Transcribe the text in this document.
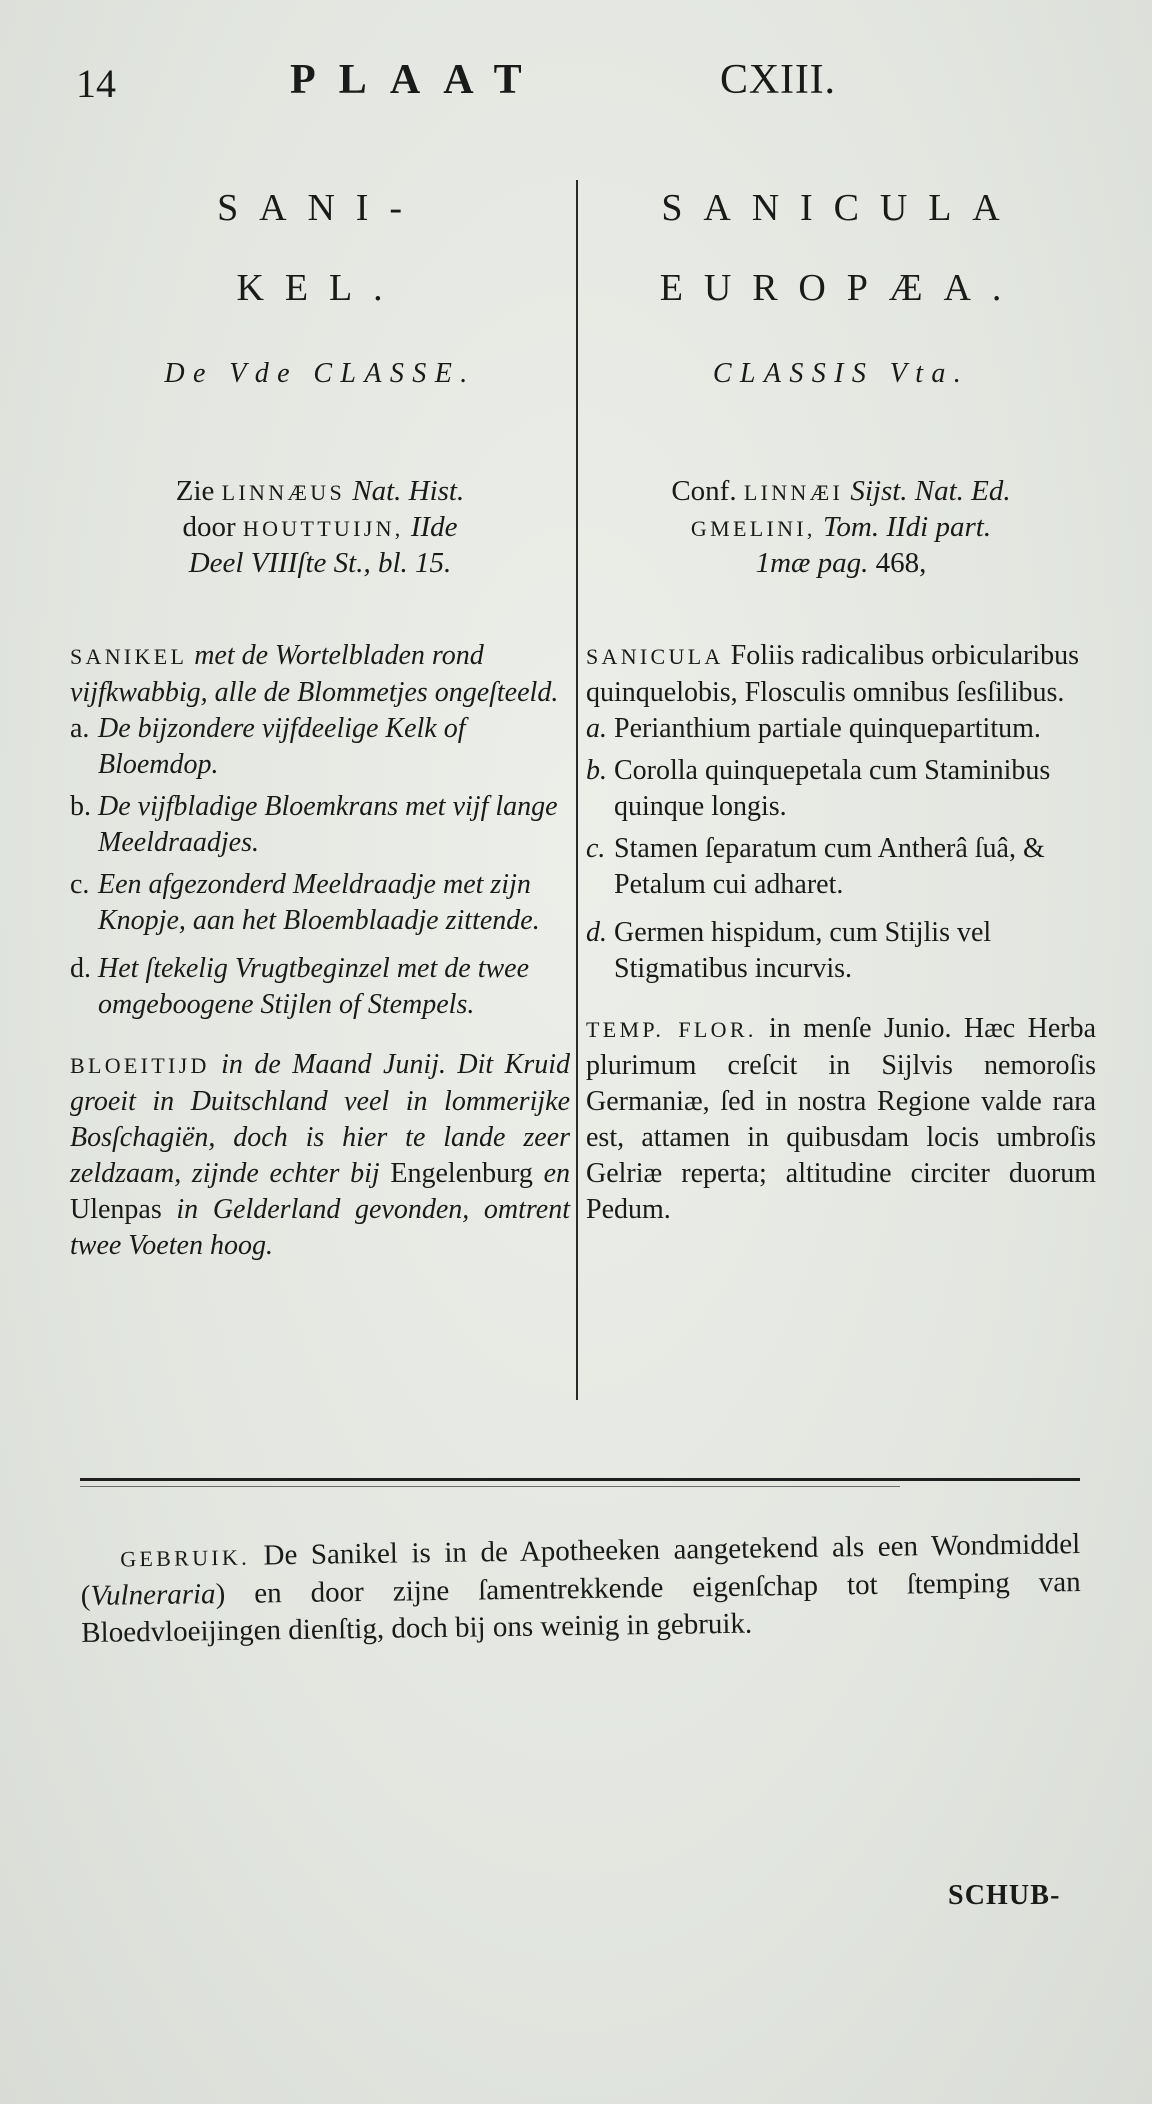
14	PLAAT	CXIII.
SANI-
KEL.
De Vde CLASSE.
Zie LINNÆUS Nat. Hist.
door HOUTTUIJN, IIde
Deel VIIIſte St., bl. 15.
SANIKEL met de Wortelbladen rond vijfkwabbig, alle de Blommetjes ongeſteeld.
a. De bijzondere vijfdeelige Kelk of Bloemdop.
b. De vijfbladige Bloemkrans met vijf lange Meeldraadjes.
c. Een afgezonderd Meeldraadje met zijn Knopje, aan het Bloemblaadje zittende.
d. Het ſtekelig Vrugtbeginzel met de twee omgeboogene Stijlen of Stempels.
BLOEITIJD in de Maand Junij. Dit Kruid groeit in Duitschland veel in lommerijke Bosſchagiën, doch is hier te lande zeer zeldzaam, zijnde echter bij Engelenburg en Ulenpas in Gelderland gevonden, omtrent twee Voeten hoog.
SANICULA
EUROPÆA.
CLASSIS Vta.
Conf. LINNÆI Sijst. Nat. Ed.
GMELINI, Tom. IIdi part.
1mæ pag. 468,
SANICULA Foliis radicalibus orbicularibus quinquelobis, Flosculis omnibus ſesſilibus.
a. Perianthium partiale quinquepartitum.
b. Corolla quinquepetala cum Staminibus quinque longis.
c. Stamen ſeparatum cum Antherâ ſuâ, & Petalum cui adharet.
d. Germen hispidum, cum Stijlis vel Stigmatibus incurvis.
TEMP. FLOR. in menſe Junio. Hæc Herba plurimum creſcit in Sijlvis nemoroſis Germaniæ, ſed in nostra Regione valde rara est, attamen in quibusdam locis umbroſis Gelriæ reperta; altitudine circiter duorum Pedum.
GEBRUIK. De Sanikel is in de Apotheeken aangetekend als een Wondmiddel (Vulneraria) en door zijne ſamentrekkende eigenſchap tot ſtemping van Bloedvloeijingen dienſtig, doch bij ons weinig in gebruik.
SCHUB-
